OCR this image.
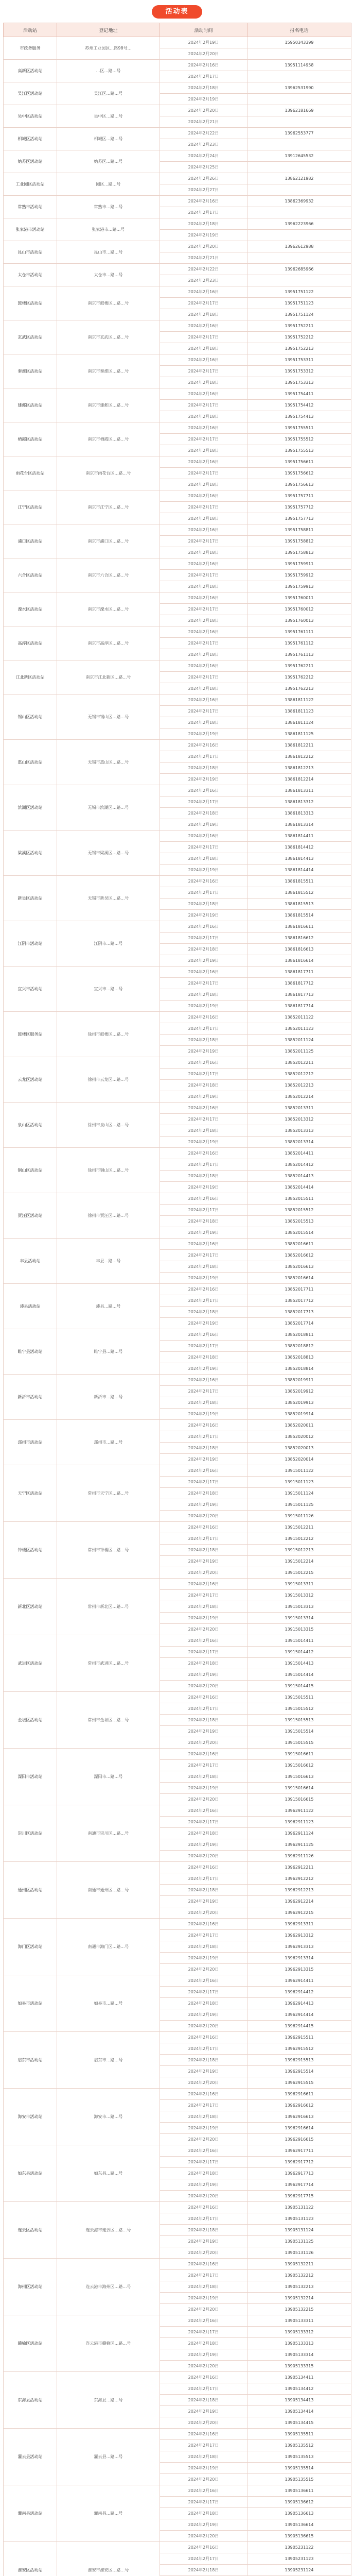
活动表
活动站	登记地址	活动时间	报名电话
市政务服务	苏州工业园区…路98号…	2024年2月19日	15950343399
		2024年2月20日	
高新区活动站	…区…路…号	2024年2月16日	13951114958
		2024年2月17日	
吴江区活动站	吴江区…路…号	2024年2月18日	13962531990
		2024年2月19日	
吴中区活动站	吴中区…路…号	2024年2月20日	13962181669
		2024年2月21日	
相城区活动站	相城区…路…号	2024年2月22日	13962553777
		2024年2月23日	
姑苏区活动站	姑苏区…路…号	2024年2月24日	13912645532
		2024年2月25日	
工业园区活动站	园区…路…号	2024年2月26日	13862121982
		2024年2月27日	
常熟市活动站	常熟市…路…号	2024年2月16日	13862369932
		2024年2月17日	
张家港市活动站	张家港市…路…号	2024年2月18日	13962223966
		2024年2月19日	
昆山市活动站	昆山市…路…号	2024年2月20日	13962612988
		2024年2月21日	
太仓市活动站	太仓市…路…号	2024年2月22日	13962685966
		2024年2月23日	
鼓楼区活动站	南京市鼓楼区…路…号	2024年2月16日	13951751122
		2024年2月17日	13951751123
		2024年2月18日	13951751124
玄武区活动站	南京市玄武区…路…号	2024年2月16日	13951752211
		2024年2月17日	13951752212
		2024年2月18日	13951752213
秦淮区活动站	南京市秦淮区…路…号	2024年2月16日	13951753311
		2024年2月17日	13951753312
		2024年2月18日	13951753313
建邺区活动站	南京市建邺区…路…号	2024年2月16日	13951754411
		2024年2月17日	13951754412
		2024年2月18日	13951754413
栖霞区活动站	南京市栖霞区…路…号	2024年2月16日	13951755511
		2024年2月17日	13951755512
		2024年2月18日	13951755513
雨花台区活动站	南京市雨花台区…路…号	2024年2月16日	13951756611
		2024年2月17日	13951756612
		2024年2月18日	13951756613
江宁区活动站	南京市江宁区…路…号	2024年2月16日	13951757711
		2024年2月17日	13951757712
		2024年2月18日	13951757713
浦口区活动站	南京市浦口区…路…号	2024年2月16日	13951758811
		2024年2月17日	13951758812
		2024年2月18日	13951758813
六合区活动站	南京市六合区…路…号	2024年2月16日	13951759911
		2024年2月17日	13951759912
		2024年2月18日	13951759913
溧水区活动站	南京市溧水区…路…号	2024年2月16日	13951760011
		2024年2月17日	13951760012
		2024年2月18日	13951760013
高淳区活动站	南京市高淳区…路…号	2024年2月16日	13951761111
		2024年2月17日	13951761112
		2024年2月18日	13951761113
江北新区活动站	南京市江北新区…路…号	2024年2月16日	13951762211
		2024年2月17日	13951762212
		2024年2月18日	13951762213
锡山区活动站	无锡市锡山区…路…号	2024年2月16日	13861811122
		2024年2月17日	13861811123
		2024年2月18日	13861811124
		2024年2月19日	13861811125
惠山区活动站	无锡市惠山区…路…号	2024年2月16日	13861812211
		2024年2月17日	13861812212
		2024年2月18日	13861812213
		2024年2月19日	13861812214
滨湖区活动站	无锡市滨湖区…路…号	2024年2月16日	13861813311
		2024年2月17日	13861813312
		2024年2月18日	13861813313
		2024年2月19日	13861813314
梁溪区活动站	无锡市梁溪区…路…号	2024年2月16日	13861814411
		2024年2月17日	13861814412
		2024年2月18日	13861814413
		2024年2月19日	13861814414
新吴区活动站	无锡市新吴区…路…号	2024年2月16日	13861815511
		2024年2月17日	13861815512
		2024年2月18日	13861815513
		2024年2月19日	13861815514
江阴市活动站	江阴市…路…号	2024年2月16日	13861816611
		2024年2月17日	13861816612
		2024年2月18日	13861816613
		2024年2月19日	13861816614
宜兴市活动站	宜兴市…路…号	2024年2月16日	13861817711
		2024年2月17日	13861817712
		2024年2月18日	13861817713
		2024年2月19日	13861817714
鼓楼区服务站	徐州市鼓楼区…路…号	2024年2月16日	13852011122
		2024年2月17日	13852011123
		2024年2月18日	13852011124
		2024年2月19日	13852011125
云龙区活动站	徐州市云龙区…路…号	2024年2月16日	13852012211
		2024年2月17日	13852012212
		2024年2月18日	13852012213
		2024年2月19日	13852012214
泉山区活动站	徐州市泉山区…路…号	2024年2月16日	13852013311
		2024年2月17日	13852013312
		2024年2月18日	13852013313
		2024年2月19日	13852013314
铜山区活动站	徐州市铜山区…路…号	2024年2月16日	13852014411
		2024年2月17日	13852014412
		2024年2月18日	13852014413
		2024年2月19日	13852014414
贾汪区活动站	徐州市贾汪区…路…号	2024年2月16日	13852015511
		2024年2月17日	13852015512
		2024年2月18日	13852015513
		2024年2月19日	13852015514
丰县活动站	丰县…路…号	2024年2月16日	13852016611
		2024年2月17日	13852016612
		2024年2月18日	13852016613
		2024年2月19日	13852016614
沛县活动站	沛县…路…号	2024年2月16日	13852017711
		2024年2月17日	13852017712
		2024年2月18日	13852017713
		2024年2月19日	13852017714
睢宁县活动站	睢宁县…路…号	2024年2月16日	13852018811
		2024年2月17日	13852018812
		2024年2月18日	13852018813
		2024年2月19日	13852018814
新沂市活动站	新沂市…路…号	2024年2月16日	13852019911
		2024年2月17日	13852019912
		2024年2月18日	13852019913
		2024年2月19日	13852019914
邳州市活动站	邳州市…路…号	2024年2月16日	13852020011
		2024年2月17日	13852020012
		2024年2月18日	13852020013
		2024年2月19日	13852020014
天宁区活动站	常州市天宁区…路…号	2024年2月16日	13915011122
		2024年2月17日	13915011123
		2024年2月18日	13915011124
		2024年2月19日	13915011125
		2024年2月20日	13915011126
钟楼区活动站	常州市钟楼区…路…号	2024年2月16日	13915012211
		2024年2月17日	13915012212
		2024年2月18日	13915012213
		2024年2月19日	13915012214
		2024年2月20日	13915012215
新北区活动站	常州市新北区…路…号	2024年2月16日	13915013311
		2024年2月17日	13915013312
		2024年2月18日	13915013313
		2024年2月19日	13915013314
		2024年2月20日	13915013315
武进区活动站	常州市武进区…路…号	2024年2月16日	13915014411
		2024年2月17日	13915014412
		2024年2月18日	13915014413
		2024年2月19日	13915014414
		2024年2月20日	13915014415
金坛区活动站	常州市金坛区…路…号	2024年2月16日	13915015511
		2024年2月17日	13915015512
		2024年2月18日	13915015513
		2024年2月19日	13915015514
		2024年2月20日	13915015515
溧阳市活动站	溧阳市…路…号	2024年2月16日	13915016611
		2024年2月17日	13915016612
		2024年2月18日	13915016613
		2024年2月19日	13915016614
		2024年2月20日	13915016615
崇川区活动站	南通市崇川区…路…号	2024年2月16日	13962911122
		2024年2月17日	13962911123
		2024年2月18日	13962911124
		2024年2月19日	13962911125
		2024年2月20日	13962911126
通州区活动站	南通市通州区…路…号	2024年2月16日	13962912211
		2024年2月17日	13962912212
		2024年2月18日	13962912213
		2024年2月19日	13962912214
		2024年2月20日	13962912215
海门区活动站	南通市海门区…路…号	2024年2月16日	13962913311
		2024年2月17日	13962913312
		2024年2月18日	13962913313
		2024年2月19日	13962913314
		2024年2月20日	13962913315
如皋市活动站	如皋市…路…号	2024年2月16日	13962914411
		2024年2月17日	13962914412
		2024年2月18日	13962914413
		2024年2月19日	13962914414
		2024年2月20日	13962914415
启东市活动站	启东市…路…号	2024年2月16日	13962915511
		2024年2月17日	13962915512
		2024年2月18日	13962915513
		2024年2月19日	13962915514
		2024年2月20日	13962915515
海安市活动站	海安市…路…号	2024年2月16日	13962916611
		2024年2月17日	13962916612
		2024年2月18日	13962916613
		2024年2月19日	13962916614
		2024年2月20日	13962916615
如东县活动站	如东县…路…号	2024年2月16日	13962917711
		2024年2月17日	13962917712
		2024年2月18日	13962917713
		2024年2月19日	13962917714
		2024年2月20日	13962917715
连云区活动站	连云港市连云区…路…号	2024年2月16日	13905131122
		2024年2月17日	13905131123
		2024年2月18日	13905131124
		2024年2月19日	13905131125
		2024年2月20日	13905131126
海州区活动站	连云港市海州区…路…号	2024年2月16日	13905132211
		2024年2月17日	13905132212
		2024年2月18日	13905132213
		2024年2月19日	13905132214
		2024年2月20日	13905132215
赣榆区活动站	连云港市赣榆区…路…号	2024年2月16日	13905133311
		2024年2月17日	13905133312
		2024年2月18日	13905133313
		2024年2月19日	13905133314
		2024年2月20日	13905133315
东海县活动站	东海县…路…号	2024年2月16日	13905134411
		2024年2月17日	13905134412
		2024年2月18日	13905134413
		2024年2月19日	13905134414
		2024年2月20日	13905134415
灌云县活动站	灌云县…路…号	2024年2月16日	13905135511
		2024年2月17日	13905135512
		2024年2月18日	13905135513
		2024年2月19日	13905135514
		2024年2月20日	13905135515
灌南县活动站	灌南县…路…号	2024年2月16日	13905136611
		2024年2月17日	13905136612
		2024年2月18日	13905136613
		2024年2月19日	13905136614
		2024年2月20日	13905136615
淮安区活动站	淮安市淮安区…路…号	2024年2月16日	13905231122
		2024年2月17日	13905231123
		2024年2月18日	13905231124
